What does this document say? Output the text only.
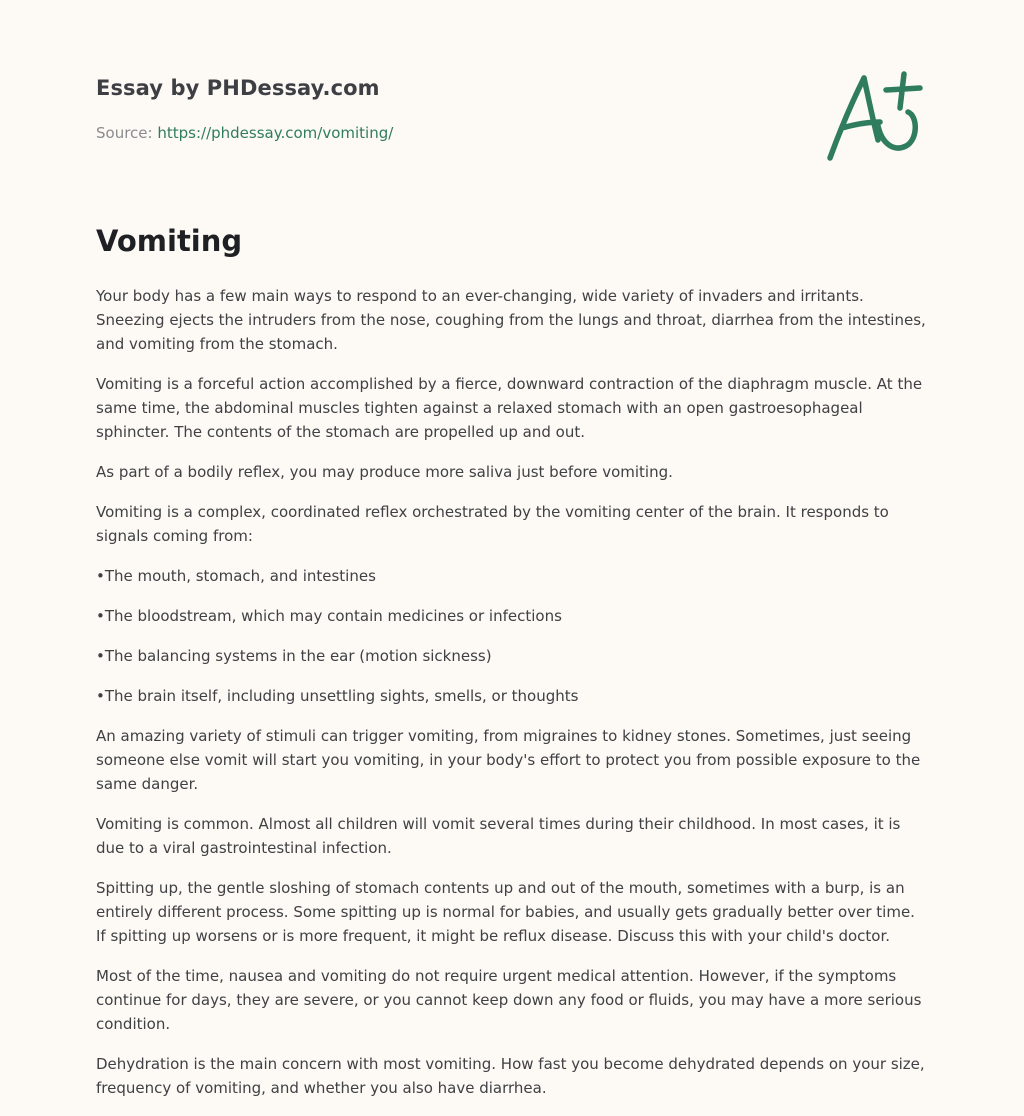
Essay by PHDessay.com
Source: https://phdessay.com/vomiting/
Vomiting

Your body has a few main ways to respond to an ever-changing, wide variety of invaders and irritants. Sneezing ejects the intruders from the nose, coughing from the lungs and throat, diarrhea from the intestines, and vomiting from the stomach.

Vomiting is a forceful action accomplished by a fierce, downward contraction of the diaphragm muscle. At the same time, the abdominal muscles tighten against a relaxed stomach with an open gastroesophageal sphincter. The contents of the stomach are propelled up and out.

As part of a bodily reflex, you may produce more saliva just before vomiting.

Vomiting is a complex, coordinated reflex orchestrated by the vomiting center of the brain. It responds to signals coming from:

•The mouth, stomach, and intestines

•The bloodstream, which may contain medicines or infections

•The balancing systems in the ear (motion sickness)

•The brain itself, including unsettling sights, smells, or thoughts

An amazing variety of stimuli can trigger vomiting, from migraines to kidney stones. Sometimes, just seeing someone else vomit will start you vomiting, in your body's effort to protect you from possible exposure to the same danger.

Vomiting is common. Almost all children will vomit several times during their childhood. In most cases, it is due to a viral gastrointestinal infection.

Spitting up, the gentle sloshing of stomach contents up and out of the mouth, sometimes with a burp, is an entirely different process. Some spitting up is normal for babies, and usually gets gradually better over time. If spitting up worsens or is more frequent, it might be reflux disease. Discuss this with your child's doctor.

Most of the time, nausea and vomiting do not require urgent medical attention. However, if the symptoms continue for days, they are severe, or you cannot keep down any food or fluids, you may have a more serious condition.

Dehydration is the main concern with most vomiting. How fast you become dehydrated depends on your size, frequency of vomiting, and whether you also have diarrhea.
